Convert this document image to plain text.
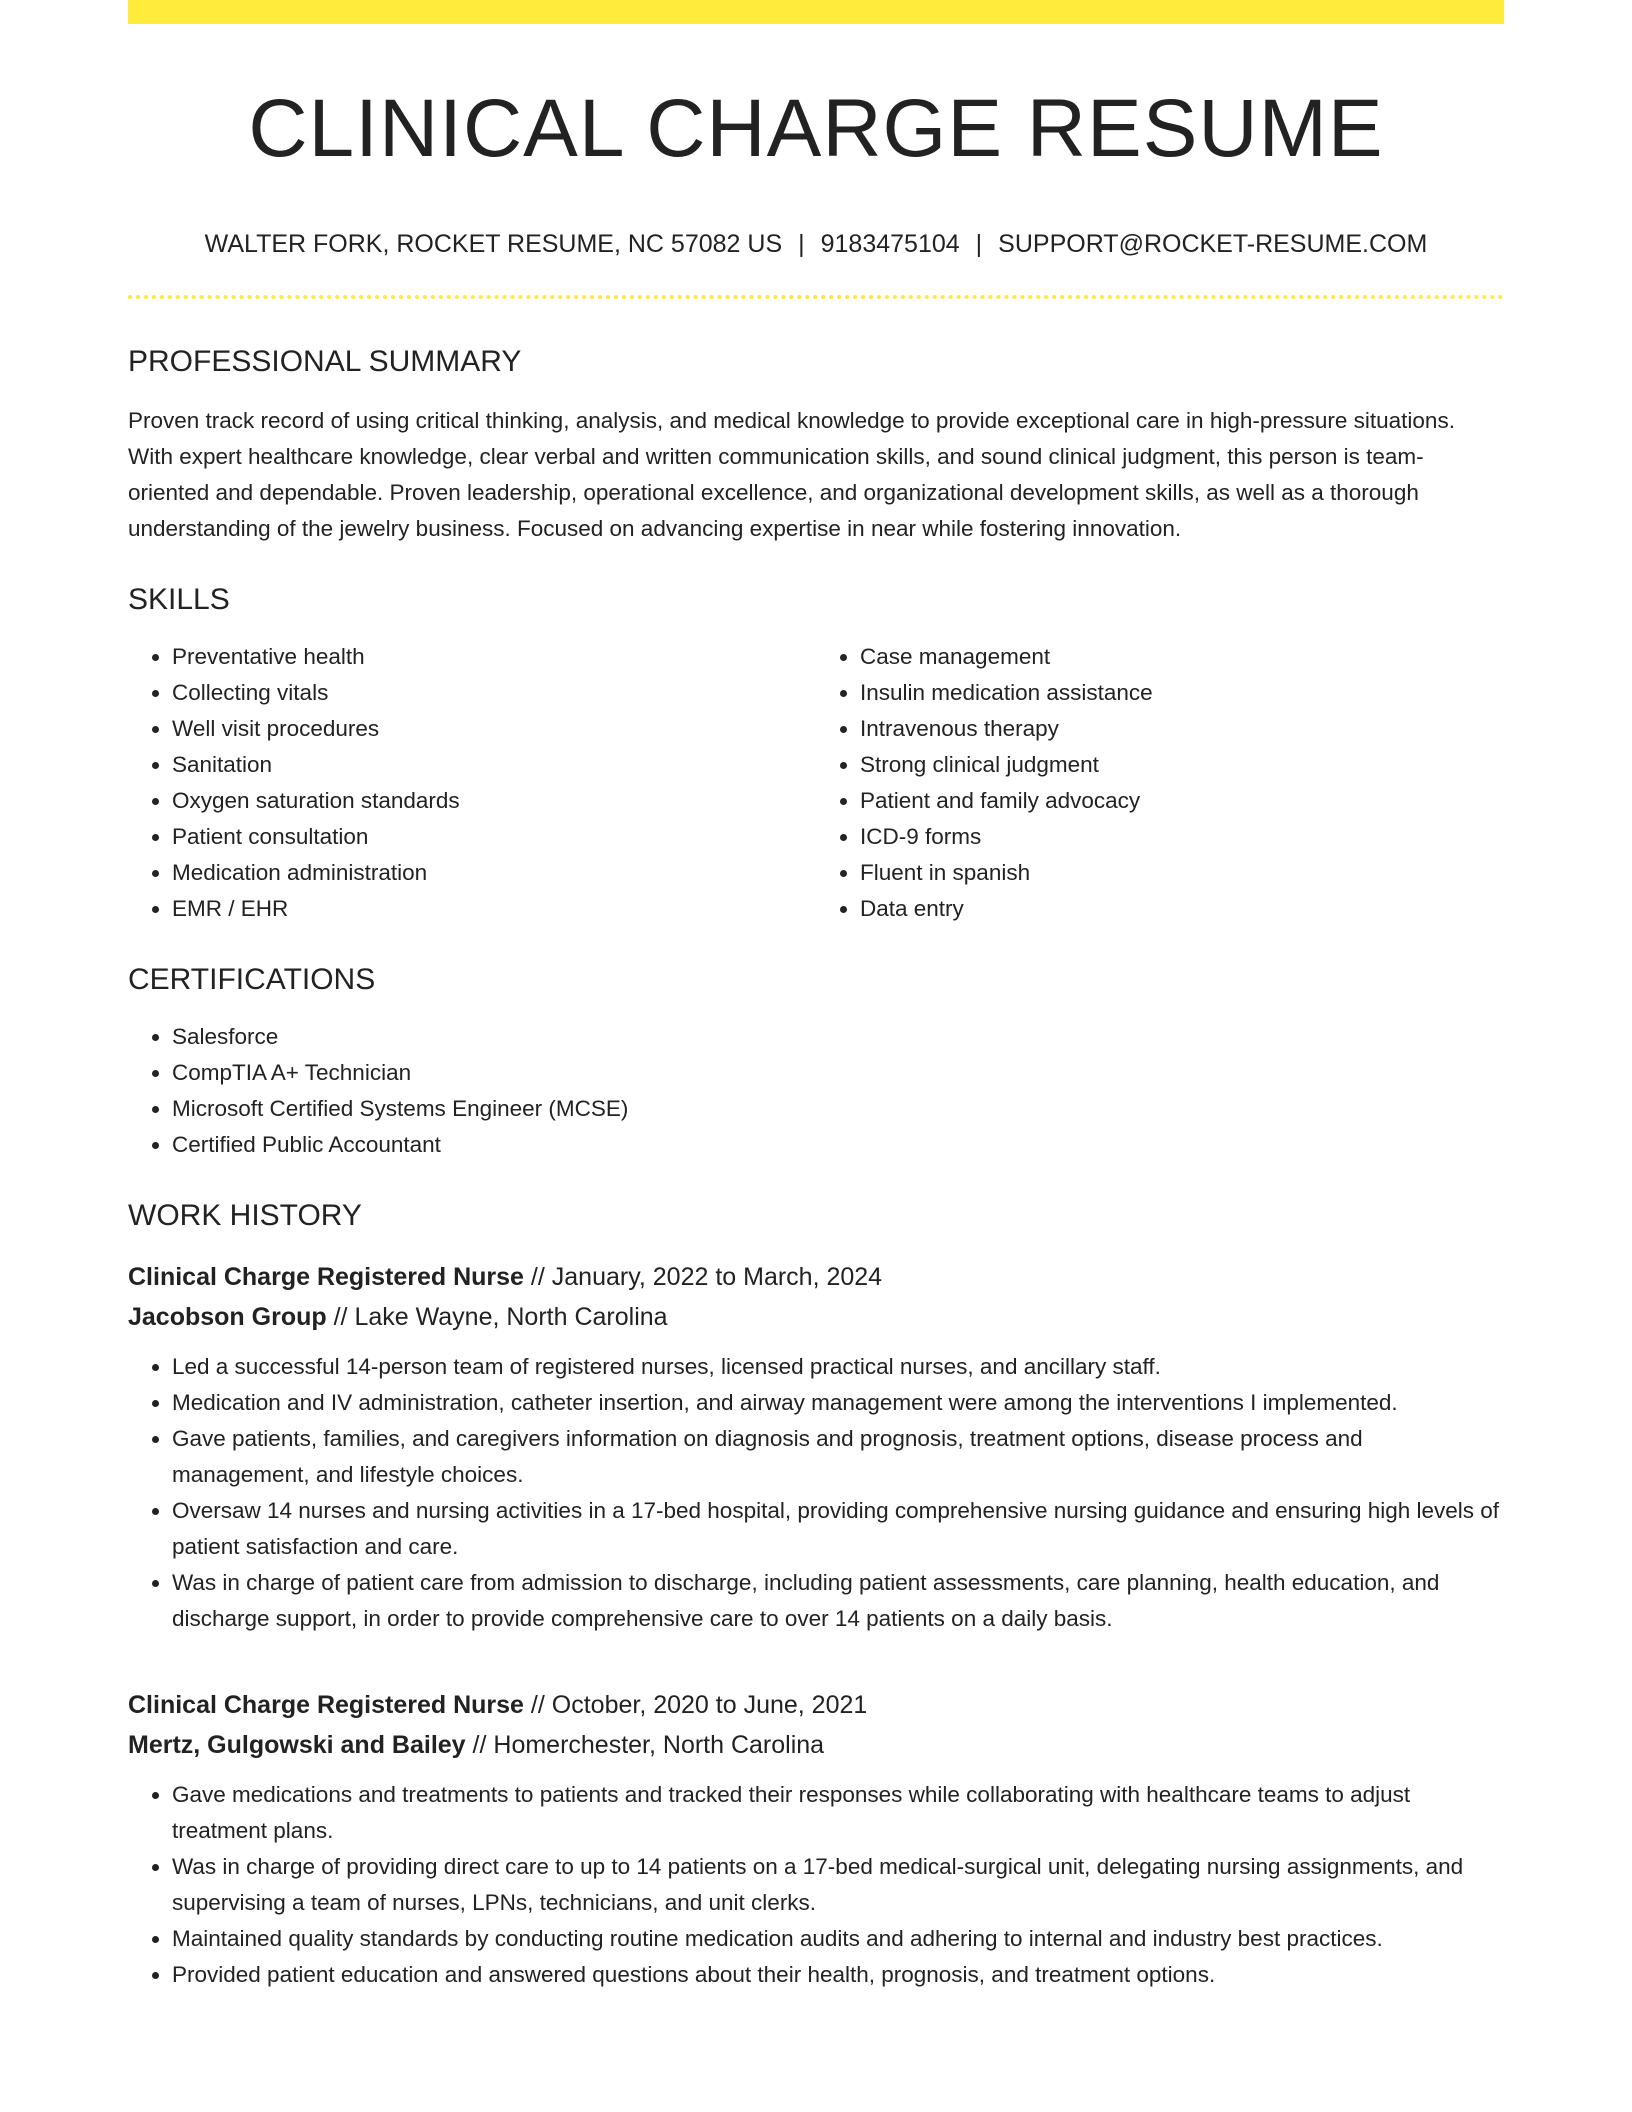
CLINICAL CHARGE RESUME
WALTER FORK, ROCKET RESUME, NC 57082 US | 9183475104 | SUPPORT@ROCKET-RESUME.COM
PROFESSIONAL SUMMARY

Proven track record of using critical thinking, analysis, and medical knowledge to provide exceptional care in high-pressure situations. With expert healthcare knowledge, clear verbal and written communication skills, and sound clinical judgment, this person is team-oriented and dependable. Proven leadership, operational excellence, and organizational development skills, as well as a thorough understanding of the jewelry business. Focused on advancing expertise in near while fostering innovation.

SKILLS
• Preventative health
• Collecting vitals
• Well visit procedures
• Sanitation
• Oxygen saturation standards
• Patient consultation
• Medication administration
• EMR / EHR
• Case management
• Insulin medication assistance
• Intravenous therapy
• Strong clinical judgment
• Patient and family advocacy
• ICD-9 forms
• Fluent in spanish
• Data entry
CERTIFICATIONS
• Salesforce
• CompTIA A+ Technician
• Microsoft Certified Systems Engineer (MCSE)
• Certified Public Accountant
WORK HISTORY
Clinical Charge Registered Nurse // January, 2022 to March, 2024
Jacobson Group // Lake Wayne, North Carolina
• Led a successful 14-person team of registered nurses, licensed practical nurses, and ancillary staff.
• Medication and IV administration, catheter insertion, and airway management were among the interventions I implemented.
• Gave patients, families, and caregivers information on diagnosis and prognosis, treatment options, disease process and management, and lifestyle choices.
• Oversaw 14 nurses and nursing activities in a 17-bed hospital, providing comprehensive nursing guidance and ensuring high levels of patient satisfaction and care.
• Was in charge of patient care from admission to discharge, including patient assessments, care planning, health education, and discharge support, in order to provide comprehensive care to over 14 patients on a daily basis.
Clinical Charge Registered Nurse // October, 2020 to June, 2021
Mertz, Gulgowski and Bailey // Homerchester, North Carolina
• Gave medications and treatments to patients and tracked their responses while collaborating with healthcare teams to adjust treatment plans.
• Was in charge of providing direct care to up to 14 patients on a 17-bed medical-surgical unit, delegating nursing assignments, and supervising a team of nurses, LPNs, technicians, and unit clerks.
• Maintained quality standards by conducting routine medication audits and adhering to internal and industry best practices.
• Provided patient education and answered questions about their health, prognosis, and treatment options.
